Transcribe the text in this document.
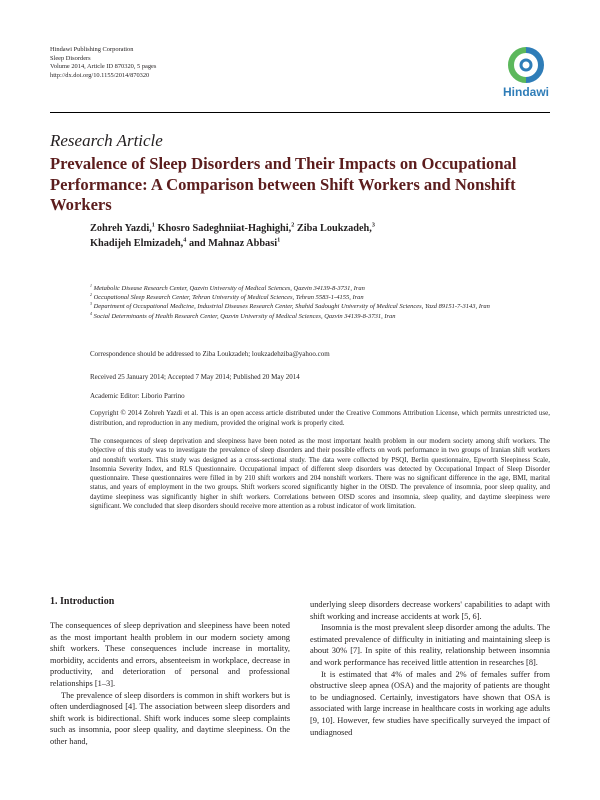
Hindawi Publishing Corporation
Sleep Disorders
Volume 2014, Article ID 870320, 5 pages
http://dx.doi.org/10.1155/2014/870320
Hindawi
Research Article
Prevalence of Sleep Disorders and Their Impacts on Occupational Performance: A Comparison between Shift Workers and Nonshift Workers
Zohreh Yazdi,$^1$ Khosro Sadeghniiat-Haghighi,$^2$ Ziba Loukzadeh,$^3$
Khadijeh Elmizadeh,$^4$ and Mahnaz Abbasi$^1$
$^1$ Metabolic Disease Research Center, Qazvin University of Medical Sciences, Qazvin 34139-8-3731, Iran
$^2$ Occupational Sleep Research Center, Tehran University of Medical Sciences, Tehran 5583-1-4155, Iran
$^3$ Department of Occupational Medicine, Industrial Diseases Research Center, Shahid Sadoughi University of Medical Sciences, Yazd 89151-7-3143, Iran
$^4$ Social Determinants of Health Research Center, Qazvin University of Medical Sciences, Qazvin 34139-8-3731, Iran
Correspondence should be addressed to Ziba Loukzadeh; loukzadehziba@yahoo.com
Received 25 January 2014; Accepted 7 May 2014; Published 20 May 2014
Academic Editor: Liborio Parrino
Copyright © 2014 Zohreh Yazdi et al. This is an open access article distributed under the Creative Commons Attribution License, which permits unrestricted use, distribution, and reproduction in any medium, provided the original work is properly cited.
The consequences of sleep deprivation and sleepiness have been noted as the most important health problem in our modern society among shift workers. The objective of this study was to investigate the prevalence of sleep disorders and their possible effects on work performance in two groups of Iranian shift workers and nonshift workers. This study was designed as a cross-sectional study. The data were collected by PSQI, Berlin questionnaire, Epworth Sleepiness Scale, Insomnia Severity Index, and RLS Questionnaire. Occupational impact of different sleep disorders was detected by Occupational Impact of Sleep Disorder questionnaire. These questionnaires were filled in by 210 shift workers and 204 nonshift workers. There was no significant difference in the age, BMI, marital status, and years of employment in the two groups. Shift workers scored significantly higher in the OISD. The prevalence of insomnia, poor sleep quality, and daytime sleepiness was significantly higher in shift workers. Correlations between OISD scores and insomnia, sleep quality, and daytime sleepiness were significant. We concluded that sleep disorders should receive more attention as a robust indicator of work limitation.
1. Introduction

The consequences of sleep deprivation and sleepiness have been noted as the most important health problem in our modern society among shift workers. These consequences include increase in mortality, morbidity, accidents and errors, absenteeism in workplace, decrease in productivity, and deterioration of personal and professional relationships [1–3].

The prevalence of sleep disorders is common in shift workers but is often underdiagnosed [4]. The association between sleep disorders and shift work is bidirectional. Shift work induces some sleep complaints such as insomnia, poor sleep quality, and daytime sleepiness. On the other hand,

underlying sleep disorders decrease workers' capabilities to adapt with shift working and increase accidents at work [5, 6].

Insomnia is the most prevalent sleep disorder among the adults. The estimated prevalence of difficulty in initiating and maintaining sleep is about 30% [7]. In spite of this reality, relationship between insomnia and work performance has received little attention in researches [8].

It is estimated that 4% of males and 2% of females suffer from obstructive sleep apnea (OSA) and the majority of patients are thought to be undiagnosed. Certainly, investigators have shown that OSA is associated with large increase in healthcare costs in working age adults [9, 10]. However, few studies have specifically surveyed the impact of undiagnosed
